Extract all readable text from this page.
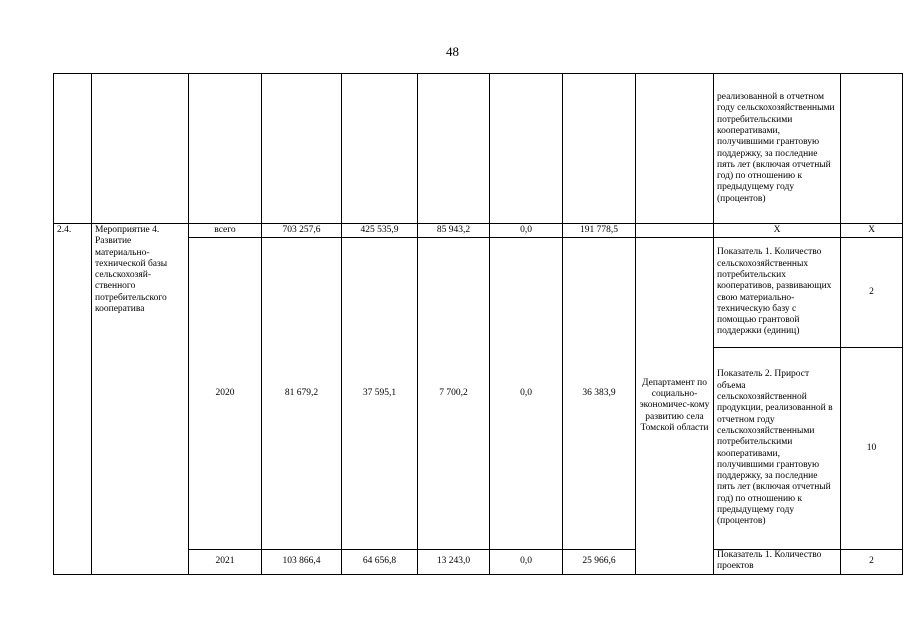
48
									реализованной в отчетном году сельскохозяйственными потребительскими кооперативами, получившими грантовую поддержку, за последние пять лет (включая отчетный год) по отношению к предыдущему году (процентов)	
2.4.	Мероприятие 4. Развитие материально-технической базы сельскохозяй-ственного потребительского кооператива	всего	703 257,6	425 535,9	85 943,2	0,0	191 778,5		Х	Х
		2020	81 679,2	37 595,1	7 700,2	0,0	36 383,9	Департамент по социально-экономичес-кому развитию села Томской области	Показатель 1. Количество сельскохозяйственных потребительских кооперативов, развивающих свою материально-техническую базу с помощью грантовой поддержки (единиц)	2
									Показатель 2. Прирост объема сельскохозяйственной продукции, реализованной в отчетном году сельскохозяйственными потребительскими кооперативами, получившими грантовую поддержку, за последние пять лет (включая отчетный год) по отношению к предыдущему году (процентов)	10
		2021	103 866,4	64 656,8	13 243,0	0,0	25 966,6		Показатель 1. Количество проектов	2
